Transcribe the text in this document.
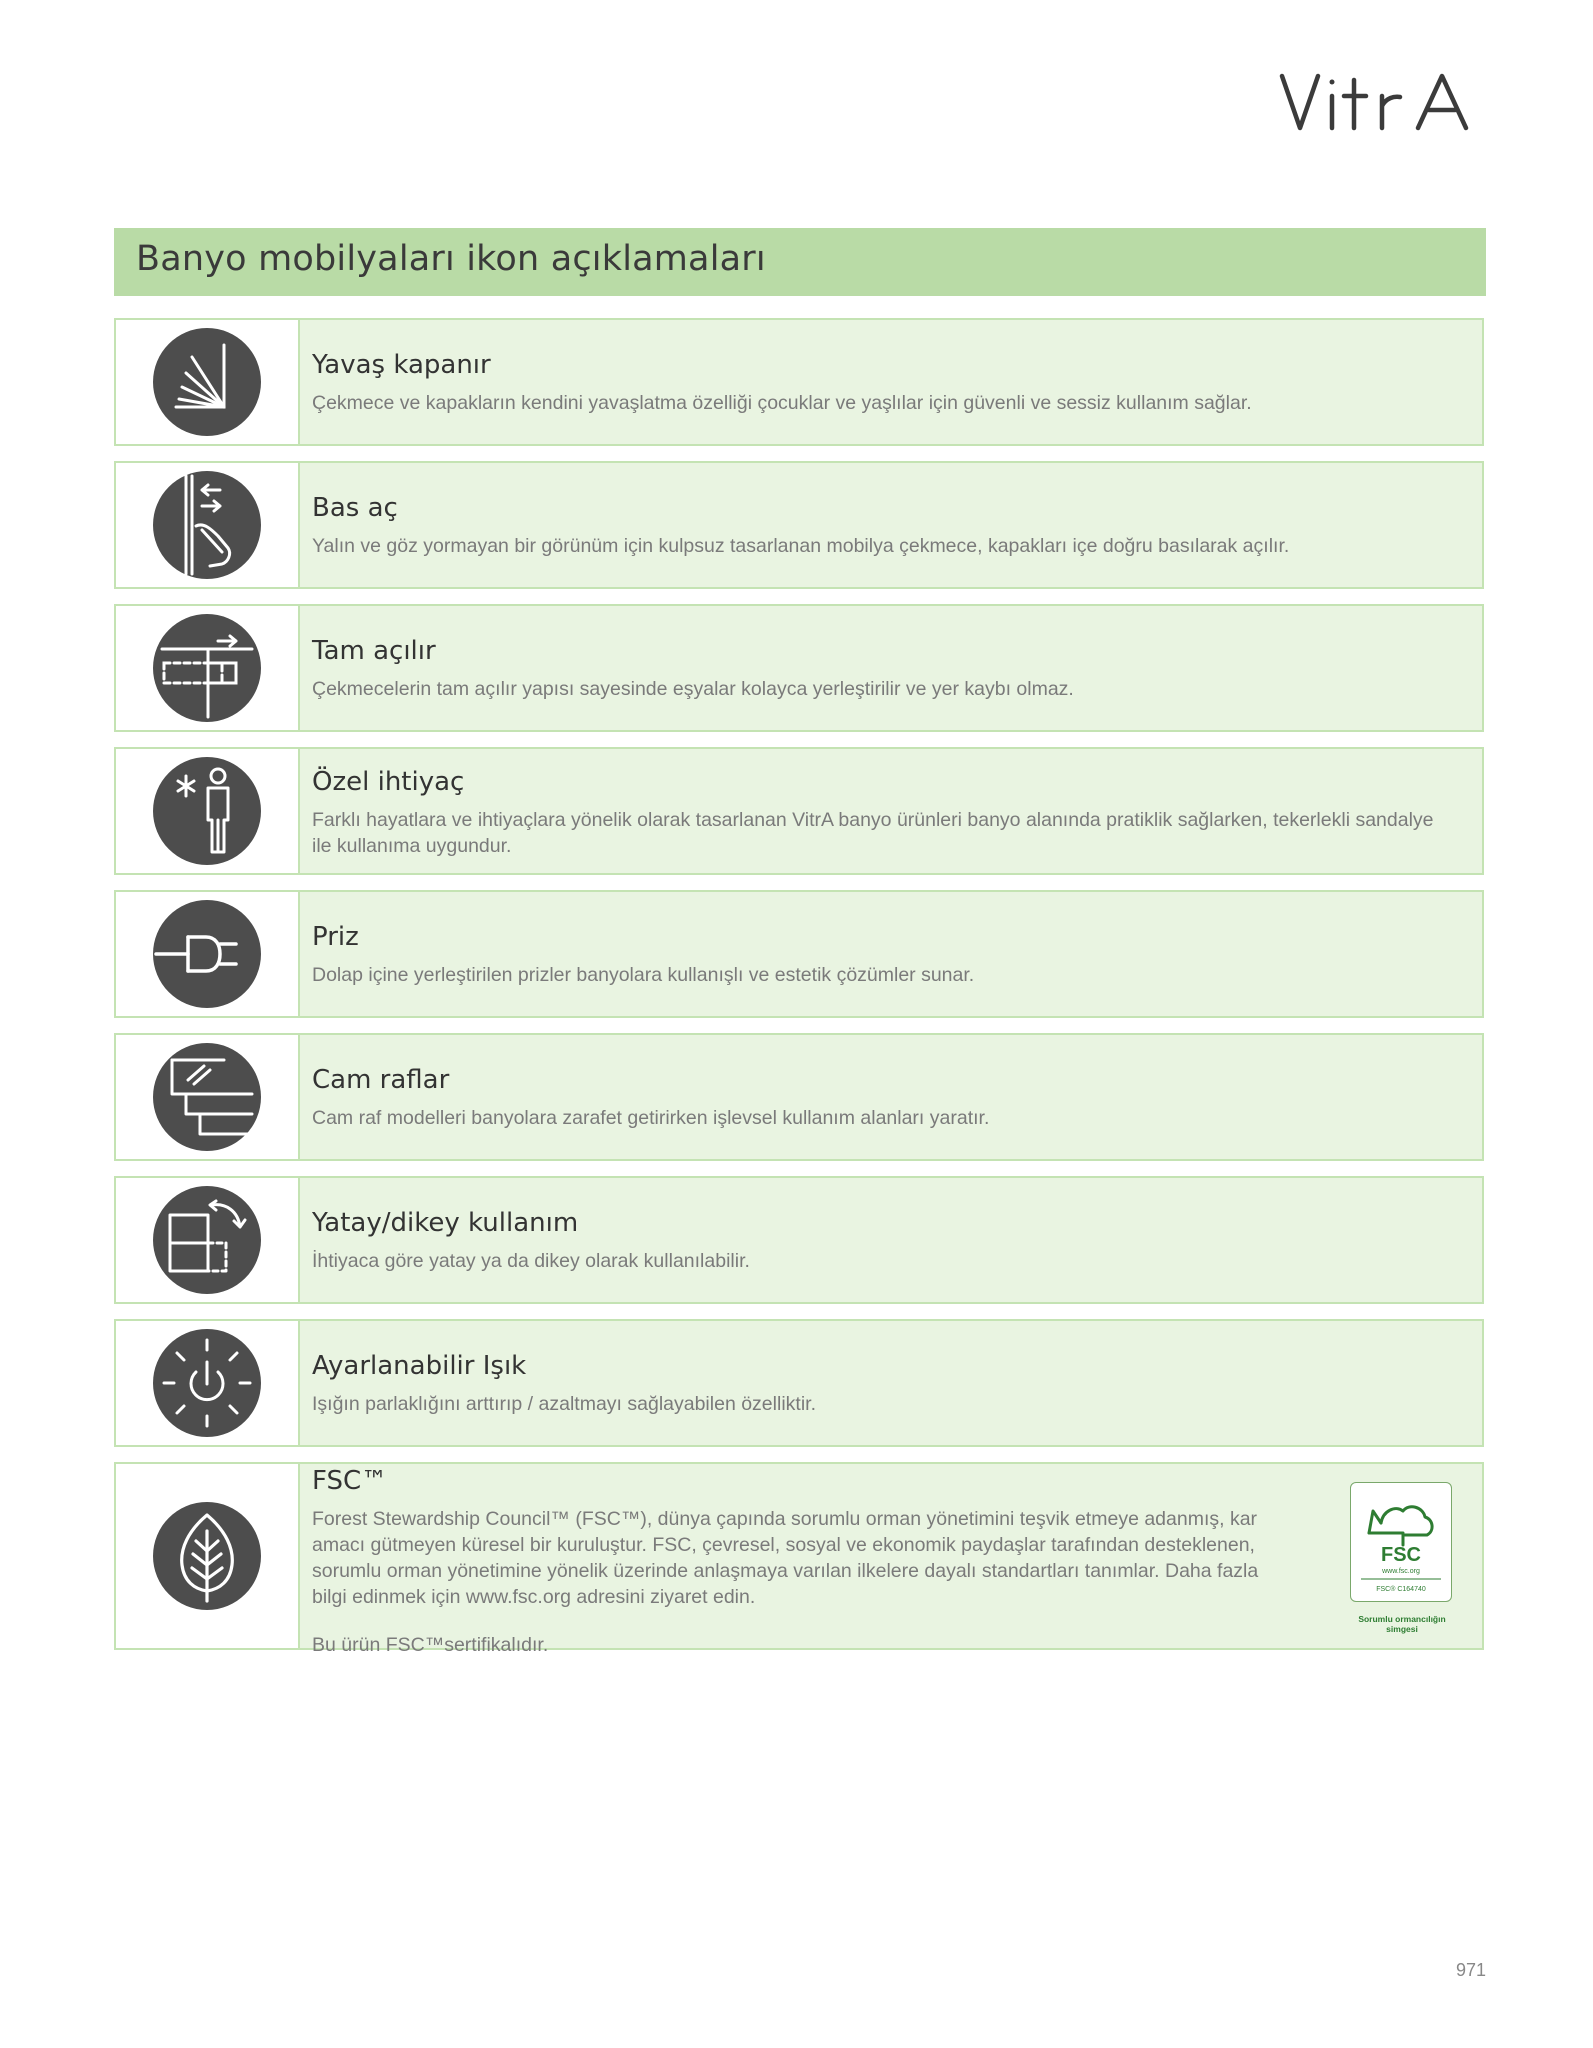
Banyo mobilyaları ikon açıklamaları
Yavaş kapanır
Çekmece ve kapakların kendini yavaşlatma özelliği çocuklar ve yaşlılar için güvenli ve sessiz kullanım sağlar.
Bas aç
Yalın ve göz yormayan bir görünüm için kulpsuz tasarlanan mobilya çekmece, kapakları içe doğru basılarak açılır.
Tam açılır
Çekmecelerin tam açılır yapısı sayesinde eşyalar kolayca yerleştirilir ve yer kaybı olmaz.
Özel ihtiyaç
Farklı hayatlara ve ihtiyaçlara yönelik olarak tasarlanan VitrA banyo ürünleri banyo alanında pratiklik sağlarken, tekerlekli sandalye ile kullanıma uygundur.
Priz
Dolap içine yerleştirilen prizler banyolara kullanışlı ve estetik çözümler sunar.
Cam raflar
Cam raf modelleri banyolara zarafet getirirken işlevsel kullanım alanları yaratır.
Yatay/dikey kullanım
İhtiyaca göre yatay ya da dikey olarak kullanılabilir.
Ayarlanabilir Işık
Işığın parlaklığını arttırıp / azaltmayı sağlayabilen özelliktir.
FSC™
Forest Stewardship Council™ (FSC™), dünya çapında sorumlu orman yönetimini teşvik etmeye adanmış, kar amacı gütmeyen küresel bir kuruluştur. FSC, çevresel, sosyal ve ekonomik paydaşlar tarafından desteklenen, sorumlu orman yönetimine yönelik üzerinde anlaşmaya varılan ilkelere dayalı standartları tanımlar. Daha fazla bilgi edinmek için www.fsc.org adresini ziyaret edin.
Bu ürün FSC™sertifikalıdır.
FSC
www.fsc.org
FSC® C164740
Sorumlu ormancılığın simgesi
971
